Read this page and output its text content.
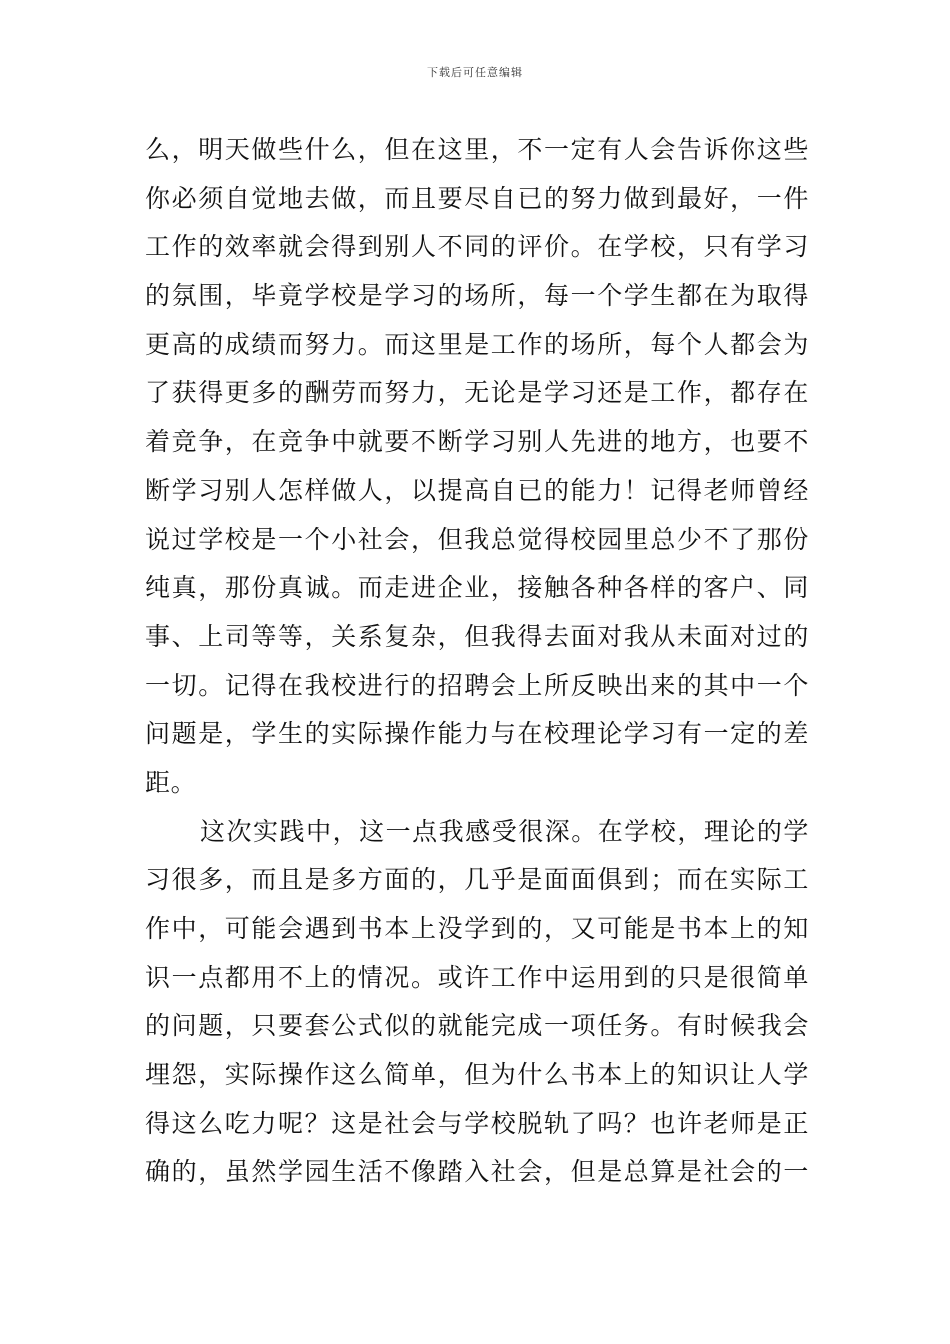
下载后可任意编辑
么，明天做些什么，但在这里，不一定有人会告诉你这些
你必须自觉地去做，而且要尽自已的努力做到最好，一件
工作的效率就会得到别人不同的评价。在学校，只有学习
的氛围，毕竟学校是学习的场所，每一个学生都在为取得
更高的成绩而努力。而这里是工作的场所，每个人都会为
了获得更多的酬劳而努力，无论是学习还是工作，都存在
着竞争，在竞争中就要不断学习别人先进的地方，也要不
断学习别人怎样做人，以提高自已的能力！记得老师曾经
说过学校是一个小社会，但我总觉得校园里总少不了那份
纯真，那份真诚。而走进企业，接触各种各样的客户、同
事、上司等等，关系复杂，但我得去面对我从未面对过的
一切。记得在我校进行的招聘会上所反映出来的其中一个
问题是，学生的实际操作能力与在校理论学习有一定的差
距。
这次实践中，这一点我感受很深。在学校，理论的学
习很多，而且是多方面的，几乎是面面俱到；而在实际工
作中，可能会遇到书本上没学到的，又可能是书本上的知
识一点都用不上的情况。或许工作中运用到的只是很简单
的问题，只要套公式似的就能完成一项任务。有时候我会
埋怨，实际操作这么简单，但为什么书本上的知识让人学
得这么吃力呢？这是社会与学校脱轨了吗？也许老师是正
确的，虽然学园生活不像踏入社会，但是总算是社会的一
